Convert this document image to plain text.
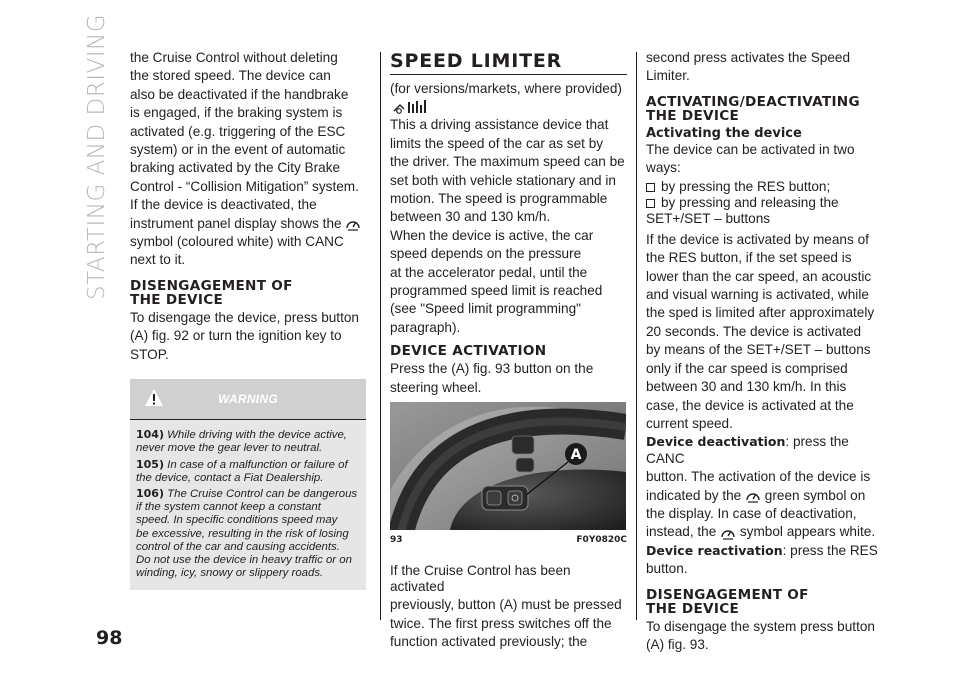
STARTING AND DRIVING
98

the Cruise Control without deleting

the stored speed. The device can

also be deactivated if the handbrake

is engaged, if the braking system is

activated (e.g. triggering of the ESC

system) or in the event of automatic

braking activated by the City Brake

Control - “Collision Mitigation” system.

If the device is deactivated, the

instrument panel display shows the

symbol (coloured white) with CANC

next to it.

DISENGAGEMENT OF
THE DEVICE

To disengage the device, press button

(A) fig. 92 or turn the ignition key to

STOP.

WARNING
104) While driving with the device active,
never move the gear lever to neutral.
105) In case of a malfunction or failure of
the device, contact a Fiat Dealership.
106) The Cruise Control can be dangerous
if the system cannot keep a constant
speed. In specific conditions speed may
be excessive, resulting in the risk of losing
control of the car and causing accidents.
Do not use the device in heavy traffic or on
winding, icy, snowy or slippery roads.
SPEED LIMITER

(for versions/markets, where provided)

This a driving assistance device that

limits the speed of the car as set by

the driver. The maximum speed can be

set both with vehicle stationary and in

motion. The speed is programmable

between 30 and 130 km/h.

When the device is active, the car

speed depends on the pressure

at the accelerator pedal, until the

programmed speed limit is reached

(see "Speed limit programming"

paragraph).

DEVICE ACTIVATION

Press the (A) fig. 93 button on the

steering wheel.

A
93	F0Y0820C

If the Cruise Control has been activated

previously, button (A) must be pressed

twice. The first press switches off the

function activated previously; the

second press activates the Speed

Limiter.

ACTIVATING/DEACTIVATING
THE DEVICE
Activating the device

The device can be activated in two

ways:

by pressing the RES button;
by pressing and releasing the

SET+/SET – buttons

If the device is activated by means of

the RES button, if the set speed is

lower than the car speed, an acoustic

and visual warning is activated, while

the sped is limited after approximately

20 seconds. The device is activated

by means of the SET+/SET – buttons

only if the car speed is comprised

between 30 and 130 km/h. In this

case, the device is activated at the

current speed.

Device deactivation: press the CANC

button. The activation of the device is

indicated by the green symbol on

the display. In case of deactivation,

instead, the symbol appears white.

Device reactivation: press the RES

button.

DISENGAGEMENT OF
THE DEVICE

To disengage the system press button

(A) fig. 93.
